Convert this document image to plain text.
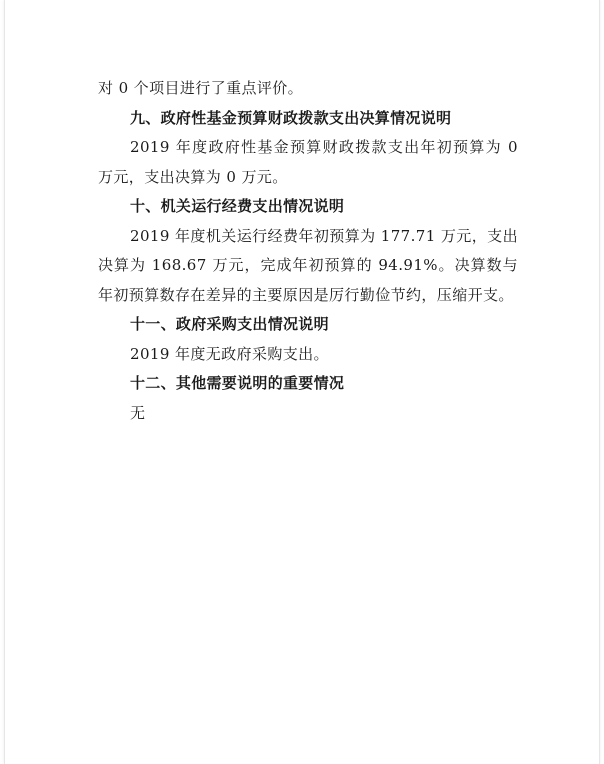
对 0 个项目进行了重点评价。
九、政府性基金预算财政拨款支出决算情况说明
2019 年度政府性基金预算财政拨款支出年初预算为 0 万元，支出决算为 0 万元。
十、机关运行经费支出情况说明
2019 年度机关运行经费年初预算为 177.71 万元，支出决算为 168.67 万元，完成年初预算的 94.91%。决算数与年初预算数存在差异的主要原因是厉行勤俭节约，压缩开支。
十一、政府采购支出情况说明
2019 年度无政府采购支出。
十二、其他需要说明的重要情况
无
